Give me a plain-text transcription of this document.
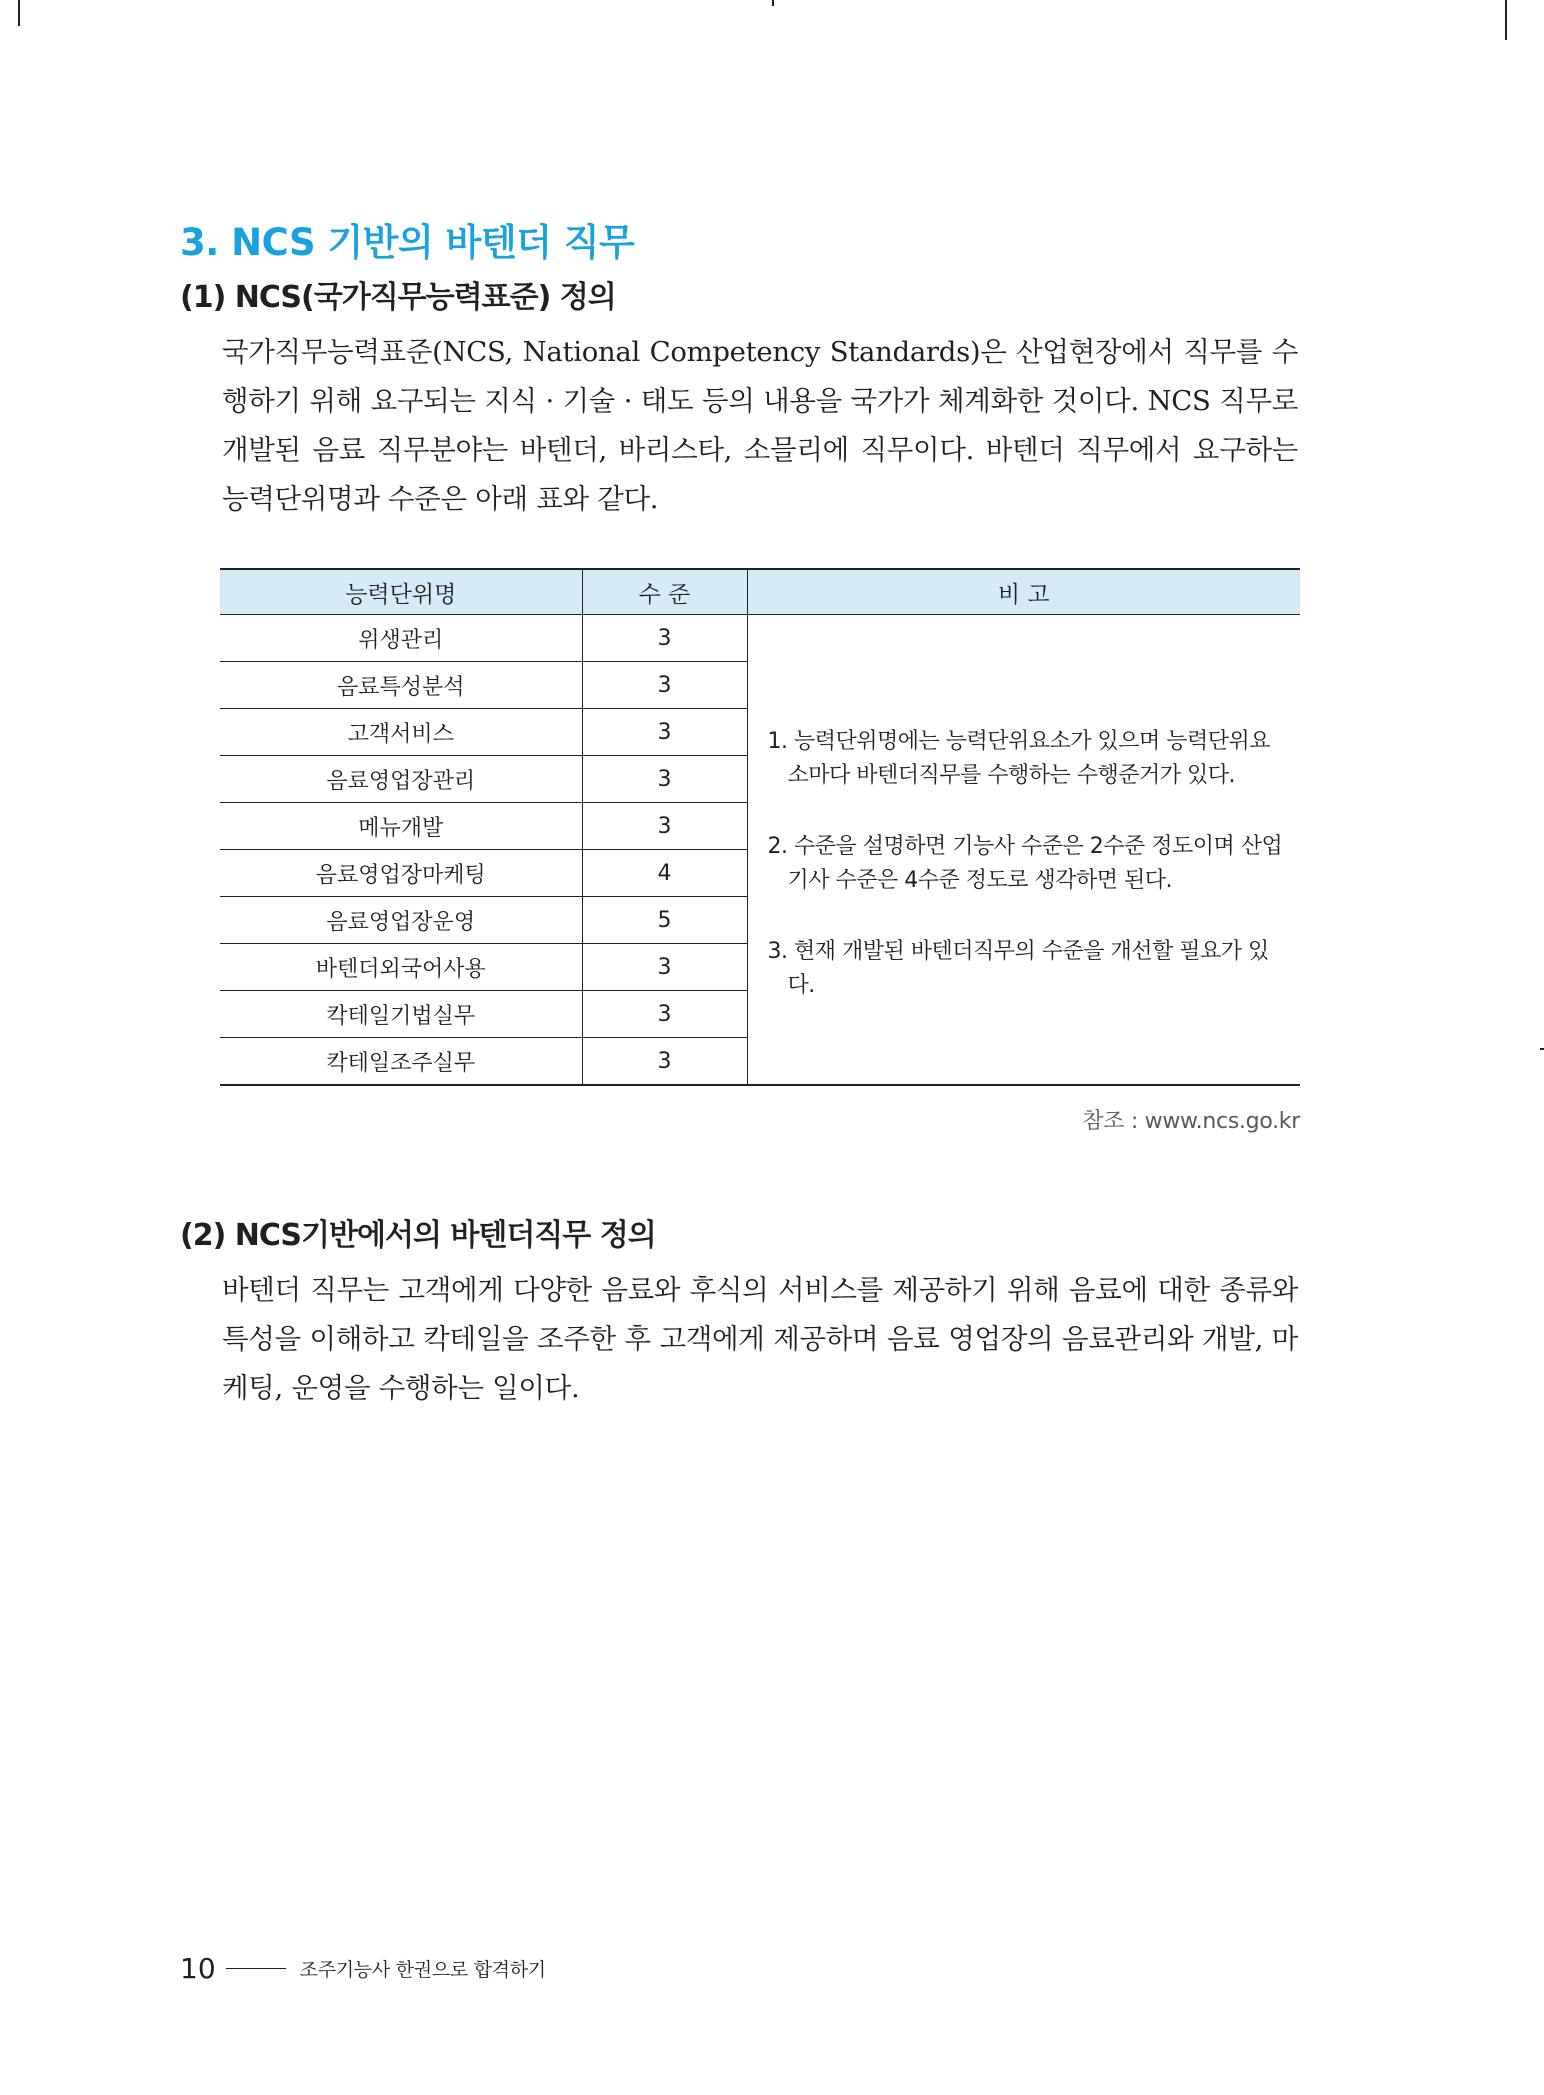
3. NCS 기반의 바텐더 직무
(1) NCS(국가직무능력표준) 정의

국가직무능력표준(NCS, National Competency Standards)은 산업현장에서 직무를 수행하기 위해 요구되는 지식 · 기술 · 태도 등의 내용을 국가가 체계화한 것이다. NCS 직무로 개발된 음료 직무분야는 바텐더, 바리스타, 소믈리에 직무이다. 바텐더 직무에서 요구하는 능력단위명과 수준은 아래 표와 같다.

능력단위명	수 준	비 고
위생관리	3	1. 능력단위명에는 능력단위요소가 있으며 능력단위요소마다 바텐더직무를 수행하는 수행준거가 있다.

2. 수준을 설명하면 기능사 수준은 2수준 정도이며 산업기사 수준은 4수준 정도로 생각하면 된다.

3. 현재 개발된 바텐더직무의 수준을 개선할 필요가 있다.

음료특성분석	3	
고객서비스	3	
음료영업장관리	3	
메뉴개발	3	
음료영업장마케팅	4	
음료영업장운영	5	
바텐더외국어사용	3	
칵테일기법실무	3	
칵테일조주실무	3	

참조 : www.ncs.go.kr

(2) NCS기반에서의 바텐더직무 정의

바텐더 직무는 고객에게 다양한 음료와 후식의 서비스를 제공하기 위해 음료에 대한 종류와 특성을 이해하고 칵테일을 조주한 후 고객에게 제공하며 음료 영업장의 음료관리와 개발, 마케팅, 운영을 수행하는 일이다.

10	조주기능사 한권으로 합격하기
